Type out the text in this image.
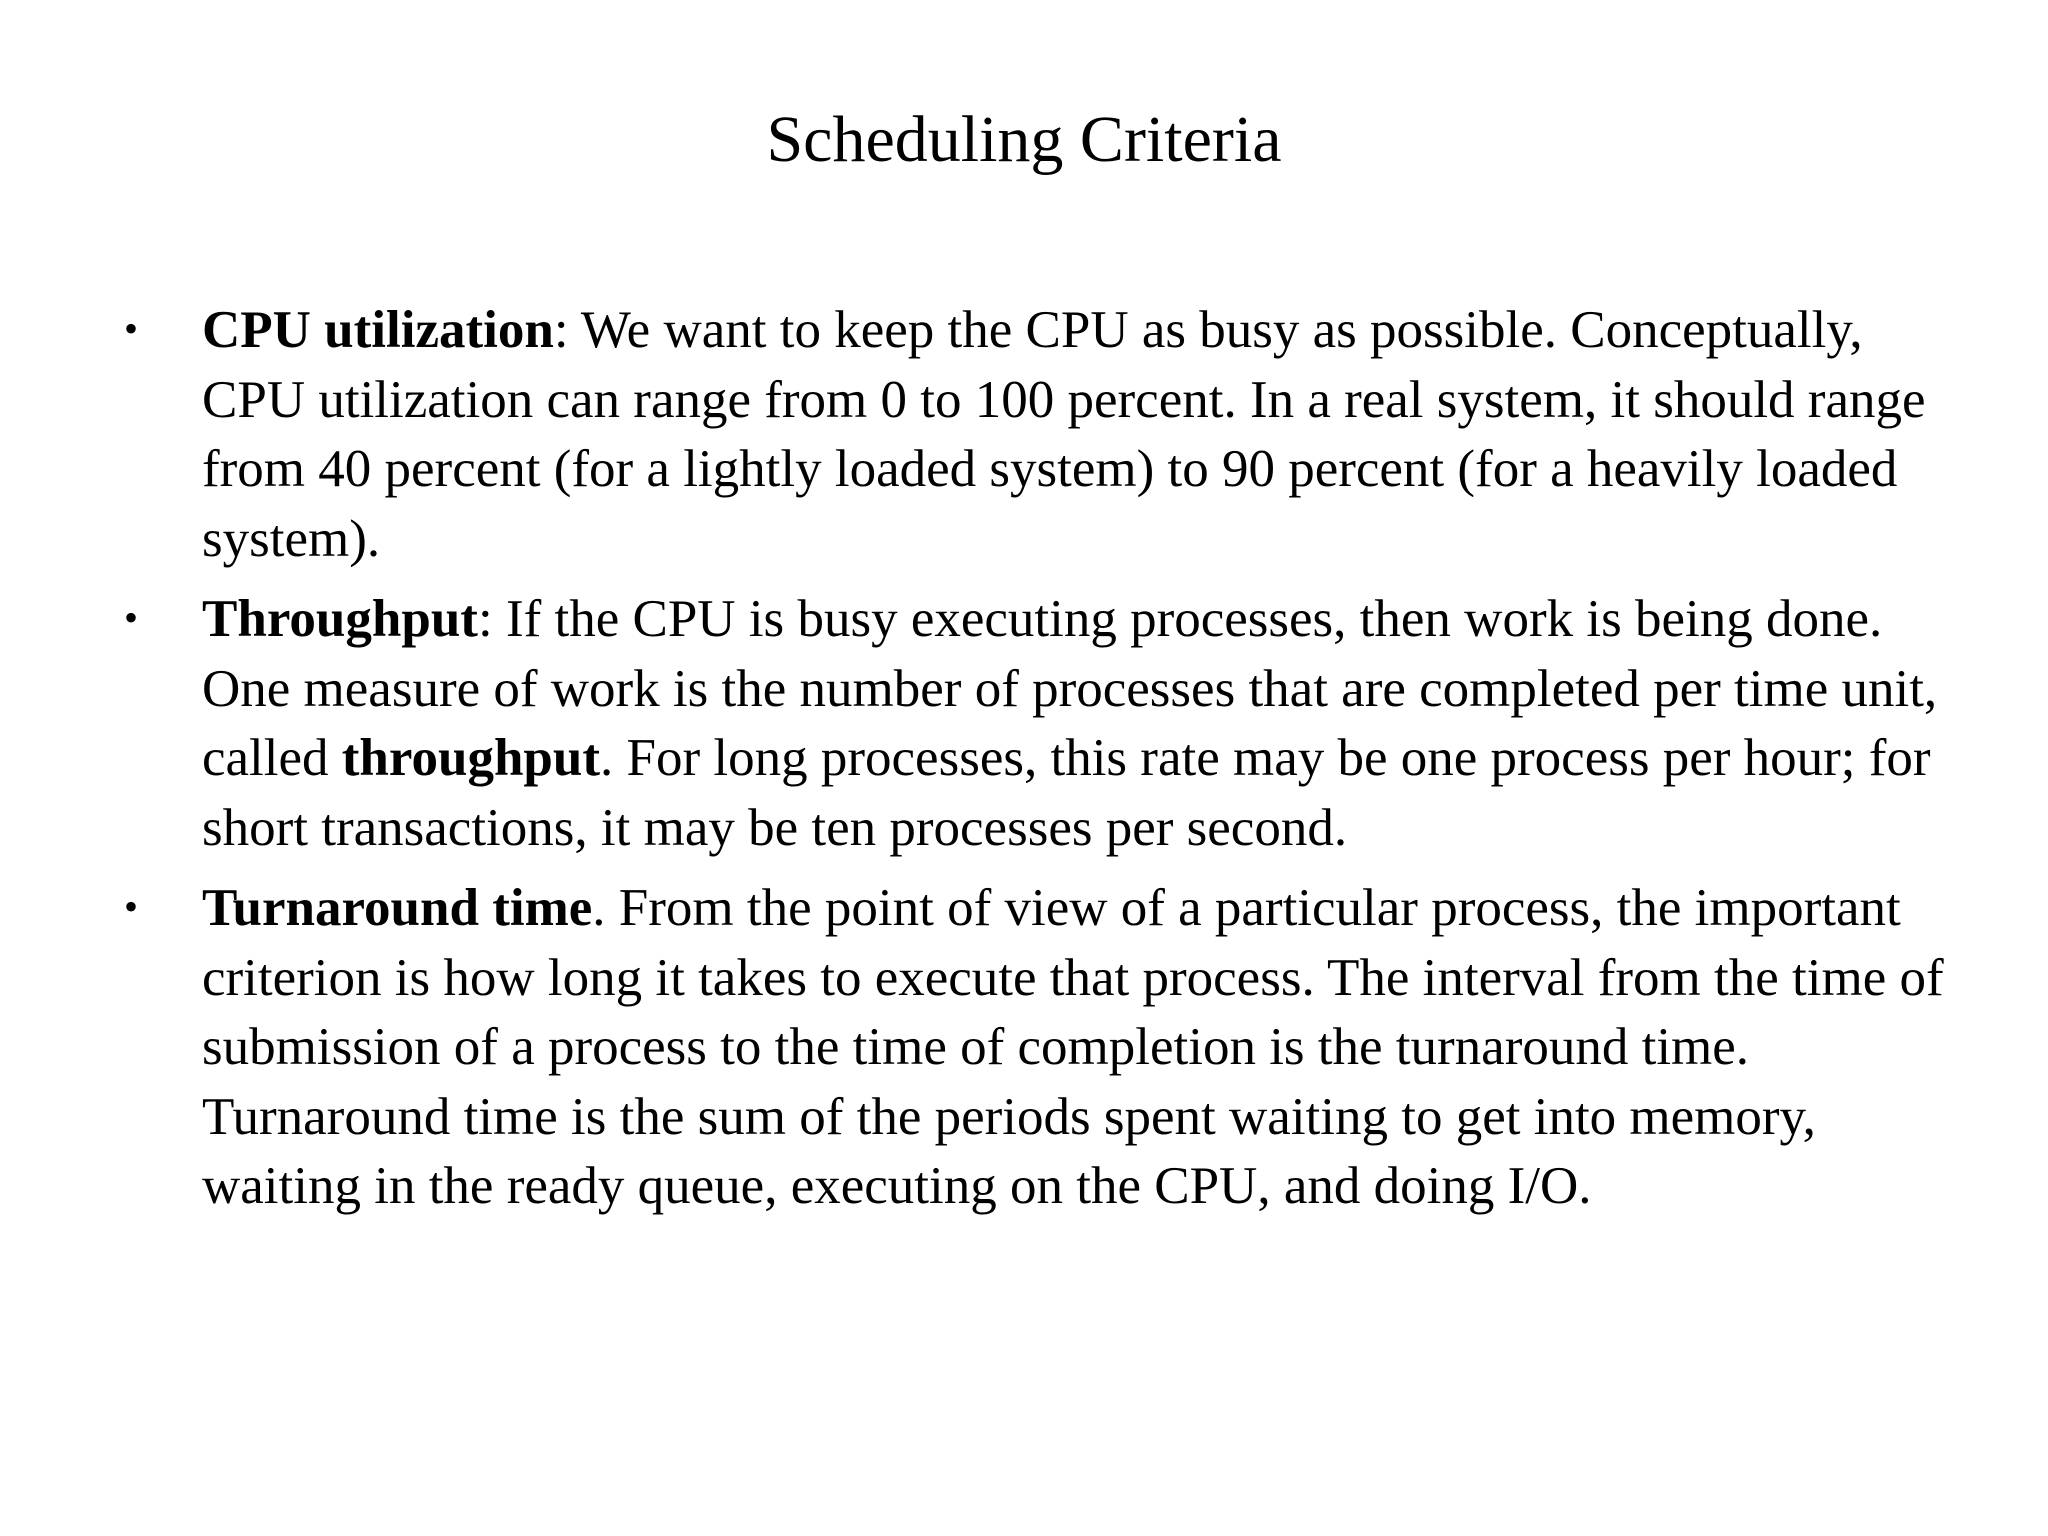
Scheduling Criteria
• CPU utilization: We want to keep the CPU as busy as possible. Conceptually, CPU utilization can range from 0 to 100 percent. In a real system, it should range from 40 percent (for a lightly loaded system) to 90 percent (for a heavily loaded system).
• Throughput: If the CPU is busy executing processes, then work is being done. One measure of work is the number of processes that are completed per time unit, called throughput. For long processes, this rate may be one process per hour; for short transactions, it may be ten processes per second.
• Turnaround time. From the point of view of a particular process, the important criterion is how long it takes to execute that process. The interval from the time of submission of a process to the time of completion is the turnaround time. Turnaround time is the sum of the periods spent waiting to get into memory, waiting in the ready queue, executing on the CPU, and doing I/O.
